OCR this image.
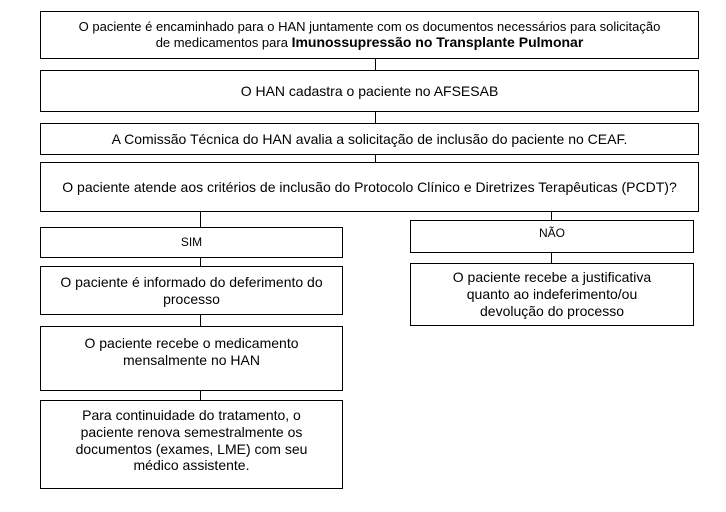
O paciente é encaminhado para o HAN juntamente com os documentos necessários para solicitação de medicamentos para Imunossupressão no Transplante Pulmonar
O HAN cadastra o paciente no AFSESAB
A Comissão Técnica do HAN avalia a solicitação de inclusão do paciente no CEAF.
O paciente atende aos critérios de inclusão do Protocolo Clínico e Diretrizes Terapêuticas (PCDT)?
SIM
NÃO
O paciente é informado do deferimento do processo
O paciente recebe a justificativa quanto ao indeferimento/ou devolução do processo
O paciente recebe o medicamento mensalmente no HAN
Para continuidade do tratamento, o paciente renova semestralmente os documentos (exames, LME) com seu médico assistente.
